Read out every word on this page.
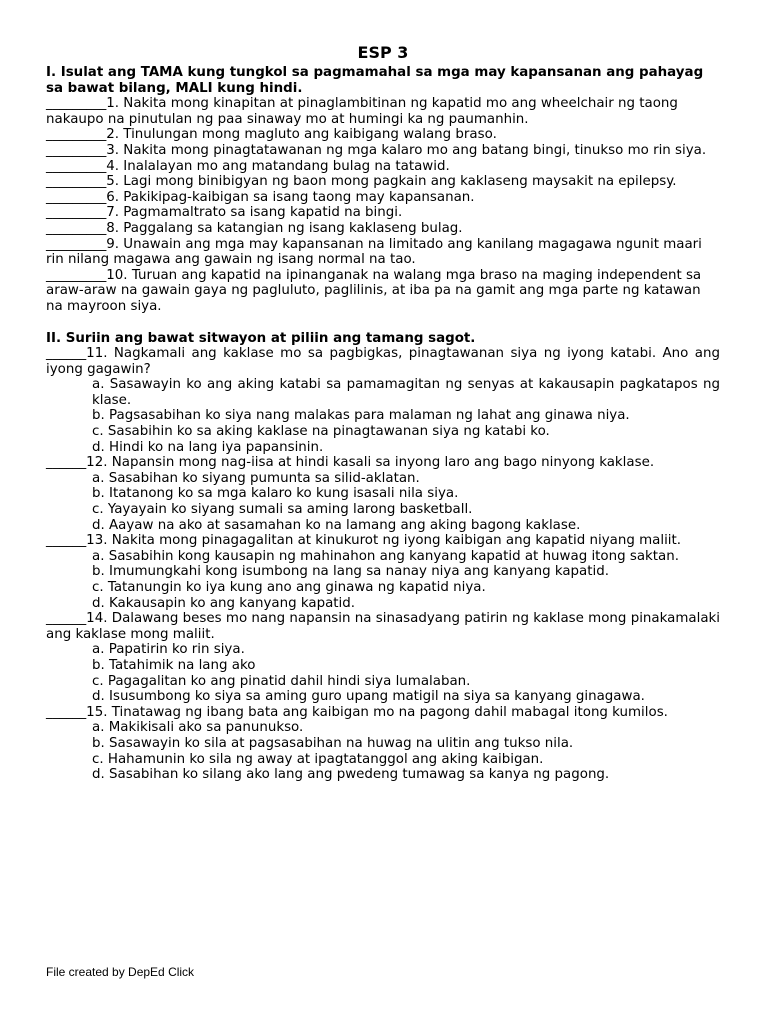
ESP 3
I. Isulat ang TAMA kung tungkol sa pagmamahal sa mga may kapansanan ang pahayag sa bawat bilang, MALI kung hindi.
_________1. Nakita mong kinapitan at pinaglambitinan ng kapatid mo ang wheelchair ng taong nakaupo na pinutulan ng paa sinaway mo at humingi ka ng paumanhin.
_________2. Tinulungan mong magluto ang kaibigang walang braso.
_________3. Nakita mong pinagtatawanan ng mga kalaro mo ang batang bingi, tinukso mo rin siya.
_________4. Inalalayan mo ang matandang bulag na tatawid.
_________5. Lagi mong binibigyan ng baon mong pagkain ang kaklaseng maysakit na epilepsy.
_________6. Pakikipag-kaibigan sa isang taong may kapansanan.
_________7. Pagmamaltrato sa isang kapatid na bingi.
_________8. Paggalang sa katangian ng isang kaklaseng bulag.
_________9. Unawain ang mga may kapansanan na limitado ang kanilang magagawa ngunit maari rin nilang magawa ang gawain ng isang normal na tao.
_________10. Turuan ang kapatid na ipinanganak na walang mga braso na maging independent sa araw-araw na gawain gaya ng pagluluto, paglilinis, at iba pa na gamit ang mga parte ng katawan na mayroon siya.
II. Suriin ang bawat sitwayon at piliin ang tamang sagot.
______11. Nagkamali ang kaklase mo sa pagbigkas, pinagtawanan siya ng iyong katabi. Ano ang iyong gagawin?
a. Sasawayin ko ang aking katabi sa pamamagitan ng senyas at kakausapin pagkatapos ng klase.
b. Pagsasabihan ko siya nang malakas para malaman ng lahat ang ginawa niya.
c. Sasabihin ko sa aking kaklase na pinagtawanan siya ng katabi ko.
d. Hindi ko na lang iya papansinin.
______12. Napansin mong nag-iisa at hindi kasali sa inyong laro ang bago ninyong kaklase.
a. Sasabihan ko siyang pumunta sa silid-aklatan.
b. Itatanong ko sa mga kalaro ko kung isasali nila siya.
c. Yayayain ko siyang sumali sa aming larong basketball.
d. Aayaw na ako at sasamahan ko na lamang ang aking bagong kaklase.
______13. Nakita mong pinagagalitan at kinukurot ng iyong kaibigan ang kapatid niyang maliit.
a. Sasabihin kong kausapin ng mahinahon ang kanyang kapatid at huwag itong saktan.
b. Imumungkahi kong isumbong na lang sa nanay niya ang kanyang kapatid.
c. Tatanungin ko iya kung ano ang ginawa ng kapatid niya.
d. Kakausapin ko ang kanyang kapatid.
______14. Dalawang beses mo nang napansin na sinasadyang patirin ng kaklase mong pinakamalaki ang kaklase mong maliit.
a. Papatirin ko rin siya.
b. Tatahimik na lang ako
c. Pagagalitan ko ang pinatid dahil hindi siya lumalaban.
d. Isusumbong ko siya sa aming guro upang matigil na siya sa kanyang ginagawa.
______15. Tinatawag ng ibang bata ang kaibigan mo na pagong dahil mabagal itong kumilos.
a. Makikisali ako sa panunukso.
b. Sasawayin ko sila at pagsasabihan na huwag na ulitin ang tukso nila.
c. Hahamunin ko sila ng away at ipagtatanggol ang aking kaibigan.
d. Sasabihan ko silang ako lang ang pwedeng tumawag sa kanya ng pagong.
File created by DepEd Click
